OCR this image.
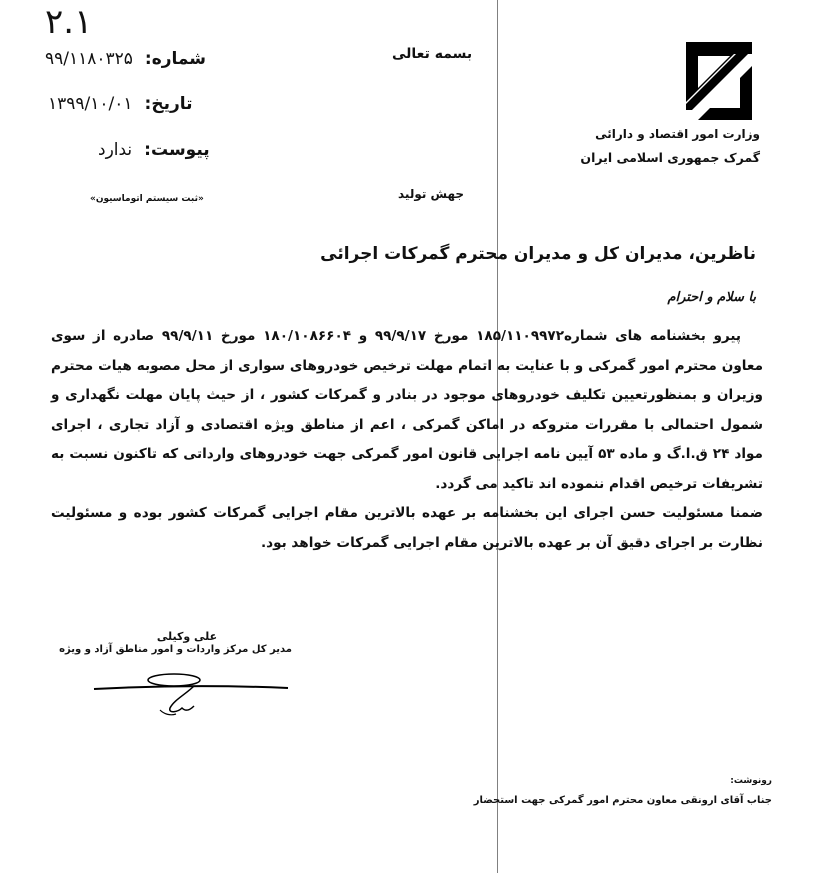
۲.۱
شماره:۹۹/۱۱۸۰۳۲۵
تاریخ:۱۳۹۹/۱۰/۰۱
پیوست:ندارد
«ثبت سیستم اتوماسیون»
بسمه تعالی
جهش تولید
وزارت امور اقتصاد و دارائی
گمرک جمهوری اسلامی ایران
ناظرین، مدیران کل و مدیران محترم گمرکات اجرائی
با سلام و احترام

پیرو بخشنامه های شماره۱۸۵/۱۱۰۹۹۷۲ مورخ ۹۹/۹/۱۷ و ۱۸۰/۱۰۸۶۶۰۴ مورخ ۹۹/۹/۱۱ صادره از سوی معاون محترم امور گمرکی و با عنایت به اتمام مهلت ترخیص خودروهای سواری از محل مصوبه هیات محترم وزیران و بمنظورتعیین تکلیف خودروهای موجود در بنادر و گمرکات کشور ، از حیث پایان مهلت نگهداری و شمول احتمالی با مقررات متروکه در اماکن گمرکی ، اعم از مناطق ویژه اقتصادی و آزاد تجاری ، اجرای مواد ۲۴ ق.ا.گ و ماده ۵۳ آیین نامه اجرایی قانون امور گمرکی جهت خودروهای وارداتی که تاکنون نسبت به تشریفات ترخیص اقدام ننموده اند تاکید می گردد.

ضمنا مسئولیت حسن اجرای این بخشنامه بر عهده بالاترین مقام اجرایی گمرکات کشور بوده و مسئولیت نظارت بر اجرای دقیق آن بر عهده بالاترین مقام اجرایی گمرکات خواهد بود.

علی وکیلی
مدیر کل مرکز واردات و امور مناطق آزاد و ویژه
رونوشت:
جناب آقای ارونقی معاون محترم امور گمرکی جهت استحضار
